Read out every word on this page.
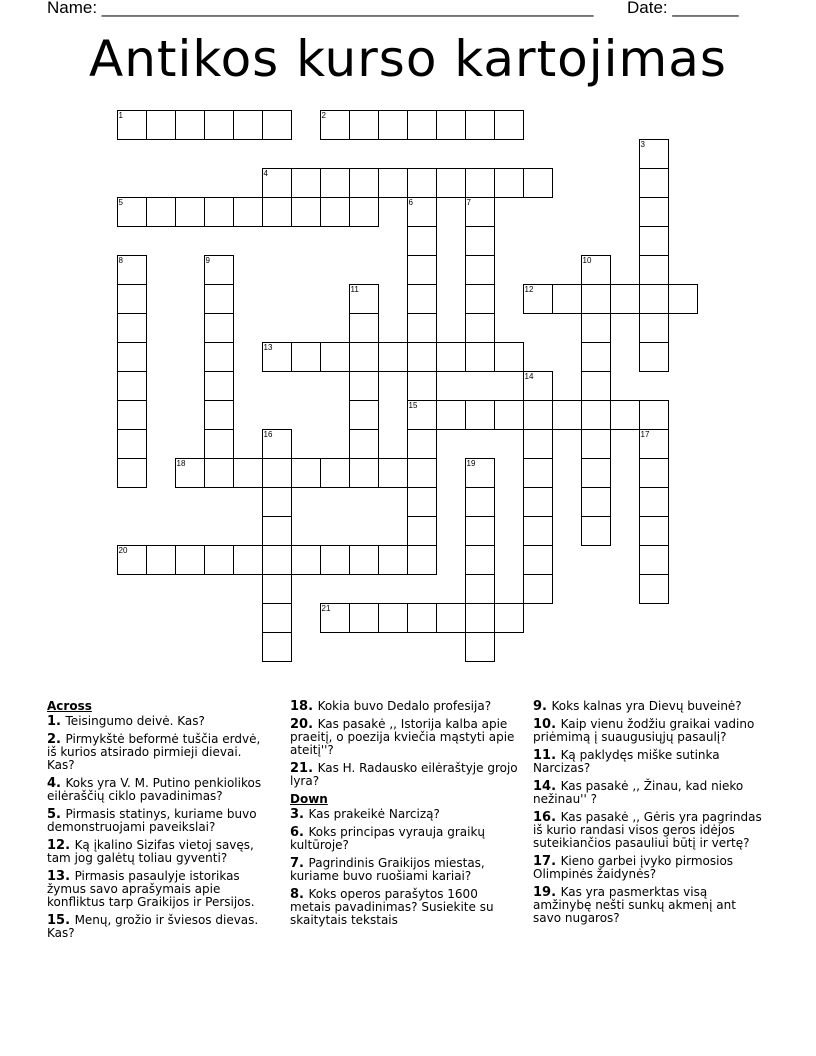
Name: ____________________________________________________ Date: _______
Antikos kurso kartojimas
1	2
3
4
5	6
15
7
8	9	10
11	12
13
14
16	17
18	19
20
21

Across

1. Teisingumo deivė. Kas?

2. Pirmykštė beformė tuščia erdvė, iš kurios atsirado pirmieji dievai. Kas?

4. Koks yra V. M. Putino penkiolikos eilėraščių ciklo pavadinimas?

5. Pirmasis statinys, kuriame buvo demonstruojami paveikslai?

12. Ką įkalino Sizifas vietoj savęs, tam jog galėtų toliau gyventi?

13. Pirmasis pasaulyje istorikas žymus savo aprašymais apie konfliktus tarp Graikijos ir Persijos.

15. Menų, grožio ir šviesos dievas. Kas?

18. Kokia buvo Dedalo profesija?

20. Kas pasakė ,, Istorija kalba apie praeitį, o poezija kviečia mąstyti apie ateitį''?

21. Kas H. Radausko eilėraštyje grojo lyra?

Down

3. Kas prakeikė Narcizą?

6. Koks principas vyrauja graikų kultūroje?

7. Pagrindinis Graikijos miestas, kuriame buvo ruošiami kariai?

8. Koks operos parašytos 1600 metais pavadinimas? Susiekite su skaitytais tekstais

9. Koks kalnas yra Dievų buveinė?

10. Kaip vienu žodžiu graikai vadino priėmimą į suaugusiųjų pasaulį?

11. Ką paklydęs miške sutinka Narcizas?

14. Kas pasakė ,, Žinau, kad nieko nežinau'' ?

16. Kas pasakė ,, Gėris yra pagrindas iš kurio randasi visos geros idėjos suteikiančios pasauliui būtį ir vertę?

17. Kieno garbei įvyko pirmosios Olimpinės žaidynės?

19. Kas yra pasmerktas visą amžinybę nešti sunkų akmenį ant savo nugaros?
